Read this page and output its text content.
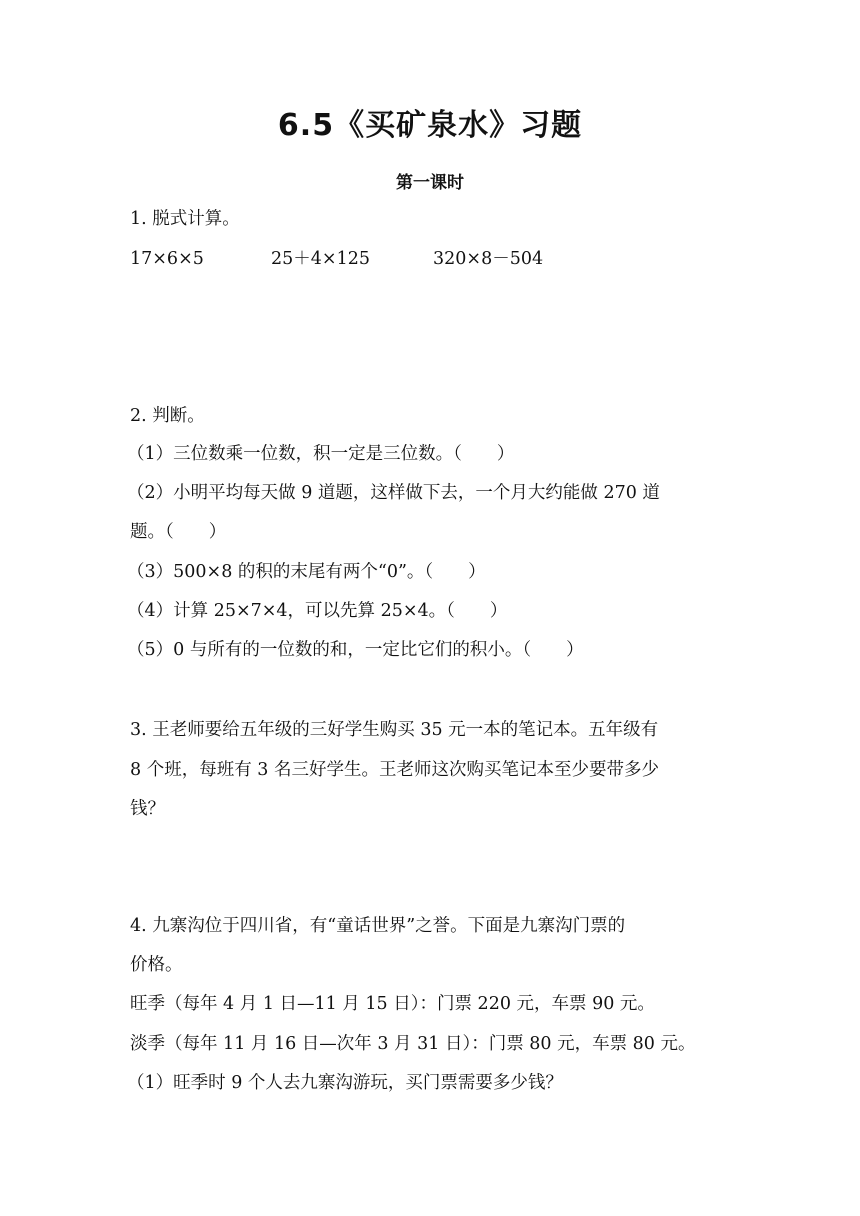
6.5《买矿泉水》习题
第一课时
1. 脱式计算。
17×6×5	25＋4×125	320×8－504
2. 判断。
（1）三位数乘一位数，积一定是三位数。（　　）
（2）小明平均每天做 9 道题，这样做下去，一个月大约能做 270 道
题。（　　）
（3）500×8 的积的末尾有两个“0”。（　　）
（4）计算 25×7×4，可以先算 25×4。（　　）
（5）0 与所有的一位数的和，一定比它们的积小。（　　）
3. 王老师要给五年级的三好学生购买 35 元一本的笔记本。五年级有
8 个班，每班有 3 名三好学生。王老师这次购买笔记本至少要带多少
钱？
4. 九寨沟位于四川省，有“童话世界”之誉。下面是九寨沟门票的
价格。
旺季（每年 4 月 1 日—11 月 15 日）：门票 220 元，车票 90 元。
淡季（每年 11 月 16 日—次年 3 月 31 日）：门票 80 元，车票 80 元。
（1）旺季时 9 个人去九寨沟游玩，买门票需要多少钱？
